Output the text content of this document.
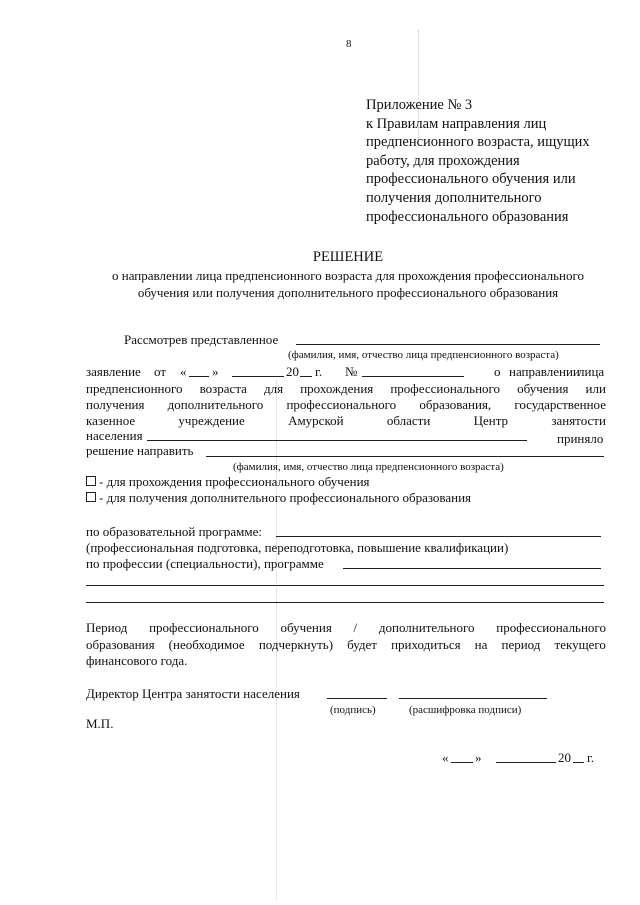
8
Приложение № 3
к Правилам направления лиц
предпенсионного возраста, ищущих
работу, для прохождения
профессионального обучения или
получения дополнительного
профессионального образования
РЕШЕНИЕ
о направлении лица предпенсионного возраста для прохождения профессионального
обучения или получения дополнительного профессионального образования
Рассмотрев представленное
(фамилия, имя, отчество лица предпенсионного возраста)
заявление от « »	20 г. №	о направлении
лица
предпенсионного возраста для прохождения профессионального обучения или
получения дополнительного профессионального образования, государственное
казенное	учреждение	Амурской	области	Центр	занятости
населения	приняло
решение направить
(фамилия, имя, отчество лица предпенсионного возраста)
- для прохождения профессионального обучения
- для получения дополнительного профессионального образования
по образовательной программе:
(профессиональная подготовка, переподготовка, повышение квалификации)
по профессии (специальности), программе
Период профессионального обучения / дополнительного профессионального
образования (необходимое подчеркнуть) будет приходиться на период текущего
финансового года.
Директор Центра занятости населения
(подпись)	(расшифровка подписи)
М.П.
« »	20 г.
